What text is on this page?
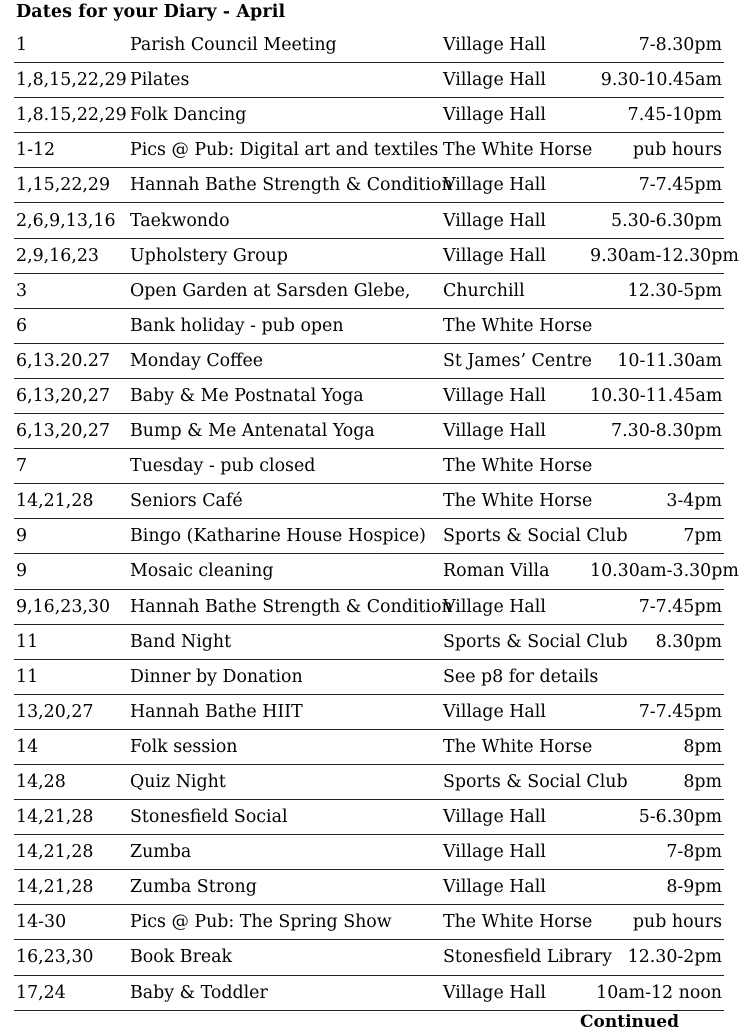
Dates for your Diary - April
1	Parish Council Meeting	Village Hall	7-8.30pm
1,8,15,22,29	Pilates	Village Hall	9.30-10.45am
1,8.15,22,29	Folk Dancing	Village Hall	7.45-10pm
1-12	Pics @ Pub: Digital art and textiles	The White Horse	pub hours
1,15,22,29	Hannah Bathe Strength & Condition	Village Hall	7-7.45pm
2,6,9,13,16	Taekwondo	Village Hall	5.30-6.30pm
2,9,16,23	Upholstery Group	Village Hall	9.30am-12.30pm
3	Open Garden at Sarsden Glebe,	Churchill	12.30-5pm
6	Bank holiday - pub open	The White Horse	
6,13.20.27	Monday Coffee	St James’ Centre	10-11.30am
6,13,20,27	Baby & Me Postnatal Yoga	Village Hall	10.30-11.45am
6,13,20,27	Bump & Me Antenatal Yoga	Village Hall	7.30-8.30pm
7	Tuesday - pub closed	The White Horse	
14,21,28	Seniors Café	The White Horse	3-4pm
9	Bingo (Katharine House Hospice)	Sports & Social Club	7pm
9	Mosaic cleaning	Roman Villa	10.30am-3.30pm
9,16,23,30	Hannah Bathe Strength & Condition	Village Hall	7-7.45pm
11	Band Night	Sports & Social Club	8.30pm
11	Dinner by Donation	See p8 for details	
13,20,27	Hannah Bathe HIIT	Village Hall	7-7.45pm
14	Folk session	The White Horse	8pm
14,28	Quiz Night	Sports & Social Club	8pm
14,21,28	Stonesfield Social	Village Hall	5-6.30pm
14,21,28	Zumba	Village Hall	7-8pm
14,21,28	Zumba Strong	Village Hall	8-9pm
14-30	Pics @ Pub: The Spring Show	The White Horse	pub hours
16,23,30	Book Break	Stonesfield Library	12.30-2pm
17,24	Baby & Toddler	Village Hall	10am-12 noon
Continued
